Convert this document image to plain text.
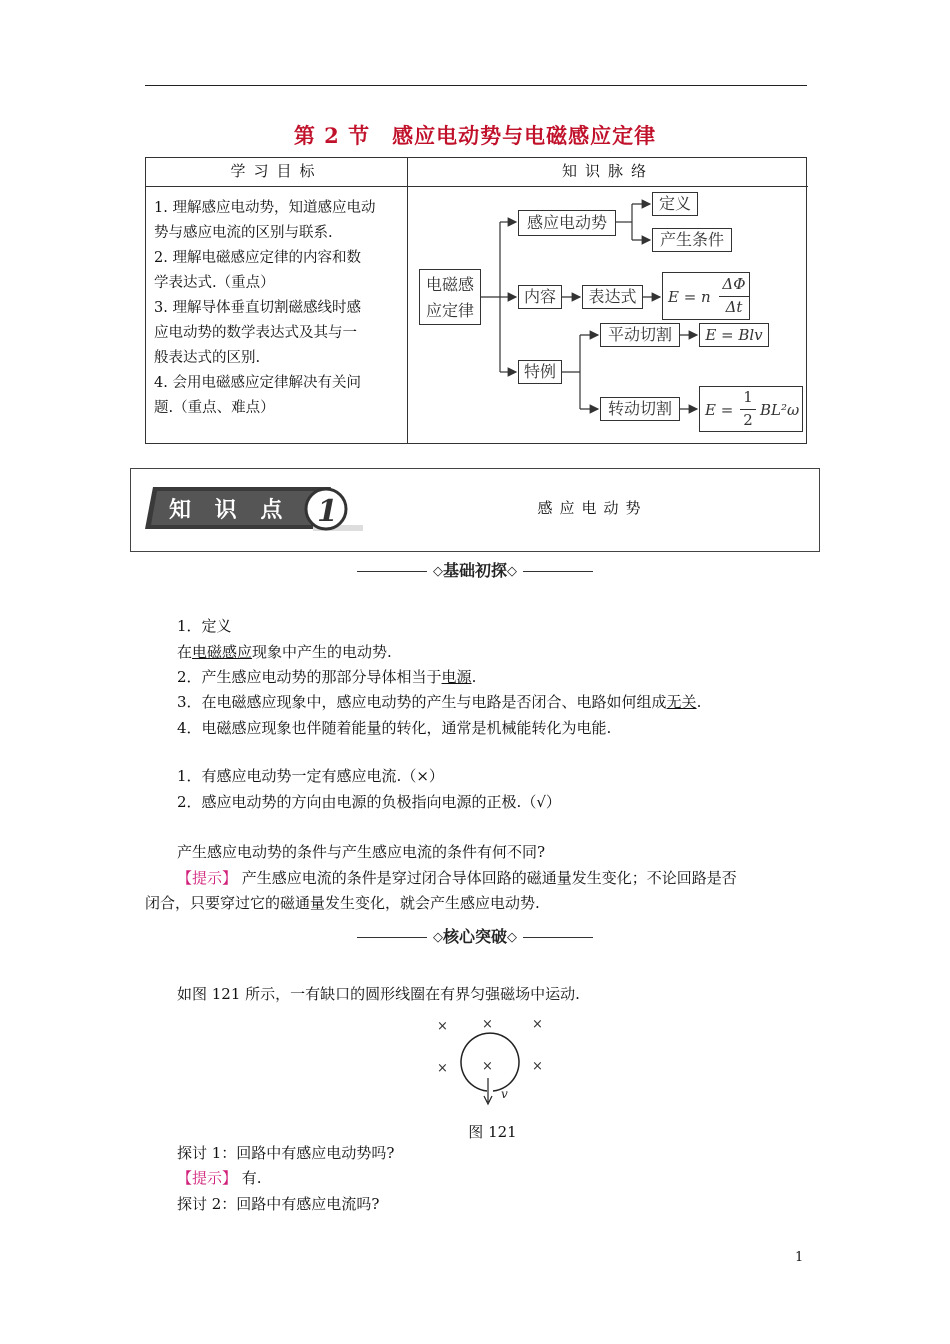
第 2 节 感应电动势与电磁感应定律
学习目标	知识脉络
1. 理解感应电动势，知道感应电动
势与感应电流的区别与联系.
2. 理解电磁感应定律的内容和数
学表达式.（重点）
3. 理解导体垂直切割磁感线时感
应电动势的数学表达式及其与一
般表达式的区别.
4. 会用电磁感应定律解决有关问
题.（重点、难点）
电磁感
应定律
感应电动势
定义
产生条件
内容	表达式	E = n
ΔΦ
Δt
特例
平动切割	E = Blv
转动切割	E =
1
2
BL²ω
知 识 点 1	感应电动势
◇基础初探◇
1．定义
在电磁感应现象中产生的电动势.
2．产生感应电动势的那部分导体相当于电源.
3．在电磁感应现象中，感应电动势的产生与电路是否闭合、电路如何组成无关.
4．电磁感应现象也伴随着能量的转化，通常是机械能转化为电能.
1．有感应电动势一定有感应电流.（×）
2．感应电动势的方向由电源的负极指向电源的正极.（√）
产生感应电动势的条件与产生感应电流的条件有何不同?
【提示】 产生感应电流的条件是穿过闭合导体回路的磁通量发生变化；不论回路是否
闭合，只要穿过它的磁通量发生变化，就会产生感应电动势.
◇核心突破◇
如图 121 所示，一有缺口的圆形线圈在有界匀强磁场中运动.
×	×	×
×	×
×
v
图 121
探讨 1：回路中有感应电动势吗?
【提示】 有.
探讨 2：回路中有感应电流吗?
1
